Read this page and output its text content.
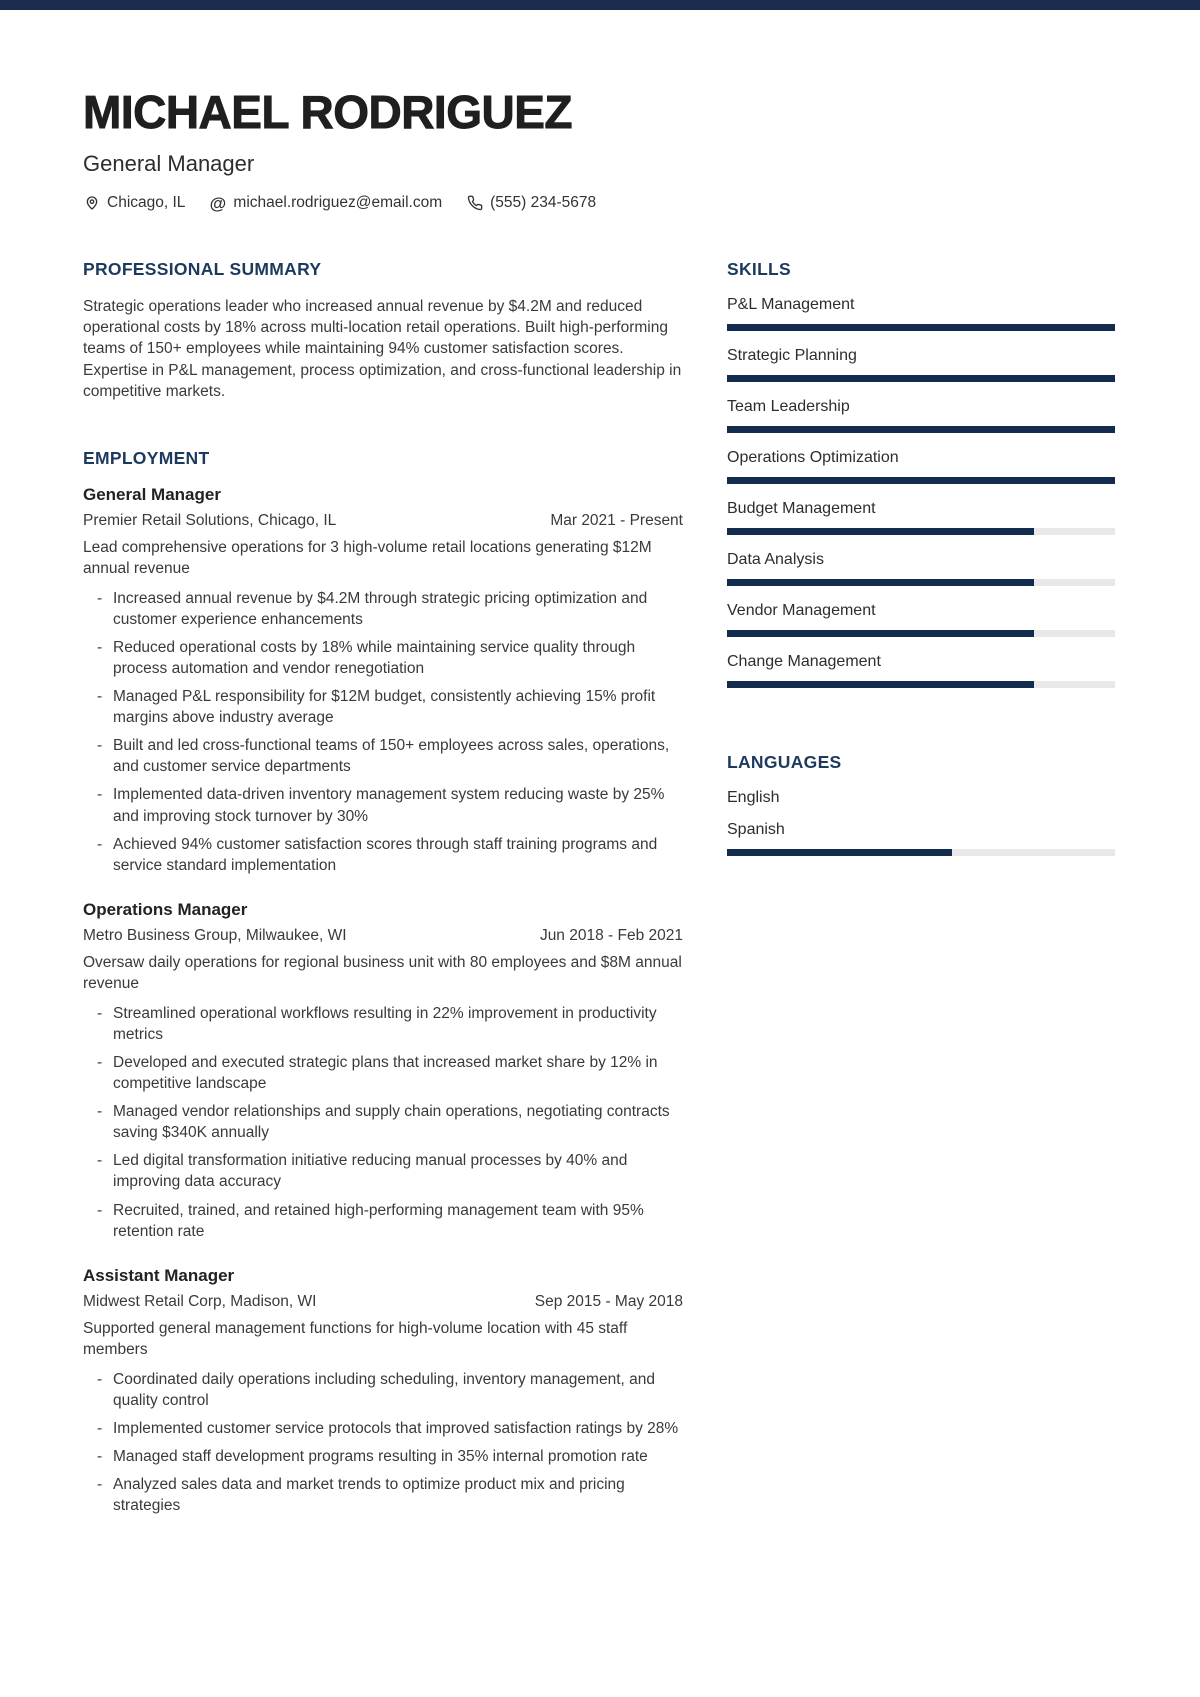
MICHAEL RODRIGUEZ
General Manager
Chicago, IL @ michael.rodriguez@email.com	(555) 234-5678
PROFESSIONAL SUMMARY

Strategic operations leader who increased annual revenue by $4.2M and reduced operational costs by 18% across multi-location retail operations. Built high-performing teams of 150+ employees while maintaining 94% customer satisfaction scores. Expertise in P&L management, process optimization, and cross-functional leadership in competitive markets.

EMPLOYMENT
General Manager
Premier Retail Solutions, Chicago, IL	Mar 2021 - Present
Lead comprehensive operations for 3 high-volume retail locations generating $12M annual revenue
- Increased annual revenue by $4.2M through strategic pricing optimization and customer experience enhancements
- Reduced operational costs by 18% while maintaining service quality through process automation and vendor renegotiation
- Managed P&L responsibility for $12M budget, consistently achieving 15% profit margins above industry average
- Built and led cross-functional teams of 150+ employees across sales, operations, and customer service departments
- Implemented data-driven inventory management system reducing waste by 25% and improving stock turnover by 30%
- Achieved 94% customer satisfaction scores through staff training programs and service standard implementation
Operations Manager
Metro Business Group, Milwaukee, WI	Jun 2018 - Feb 2021
Oversaw daily operations for regional business unit with 80 employees and $8M annual revenue
- Streamlined operational workflows resulting in 22% improvement in productivity metrics
- Developed and executed strategic plans that increased market share by 12% in competitive landscape
- Managed vendor relationships and supply chain operations, negotiating contracts saving $340K annually
- Led digital transformation initiative reducing manual processes by 40% and improving data accuracy
- Recruited, trained, and retained high-performing management team with 95% retention rate
Assistant Manager
Midwest Retail Corp, Madison, WI	Sep 2015 - May 2018
Supported general management functions for high-volume location with 45 staff members
- Coordinated daily operations including scheduling, inventory management, and quality control
- Implemented customer service protocols that improved satisfaction ratings by 28%
- Managed staff development programs resulting in 35% internal promotion rate
- Analyzed sales data and market trends to optimize product mix and pricing strategies
SKILLS
P&L Management
Strategic Planning
Team Leadership
Operations Optimization
Budget Management
Data Analysis
Vendor Management
Change Management
LANGUAGES
English
Spanish
